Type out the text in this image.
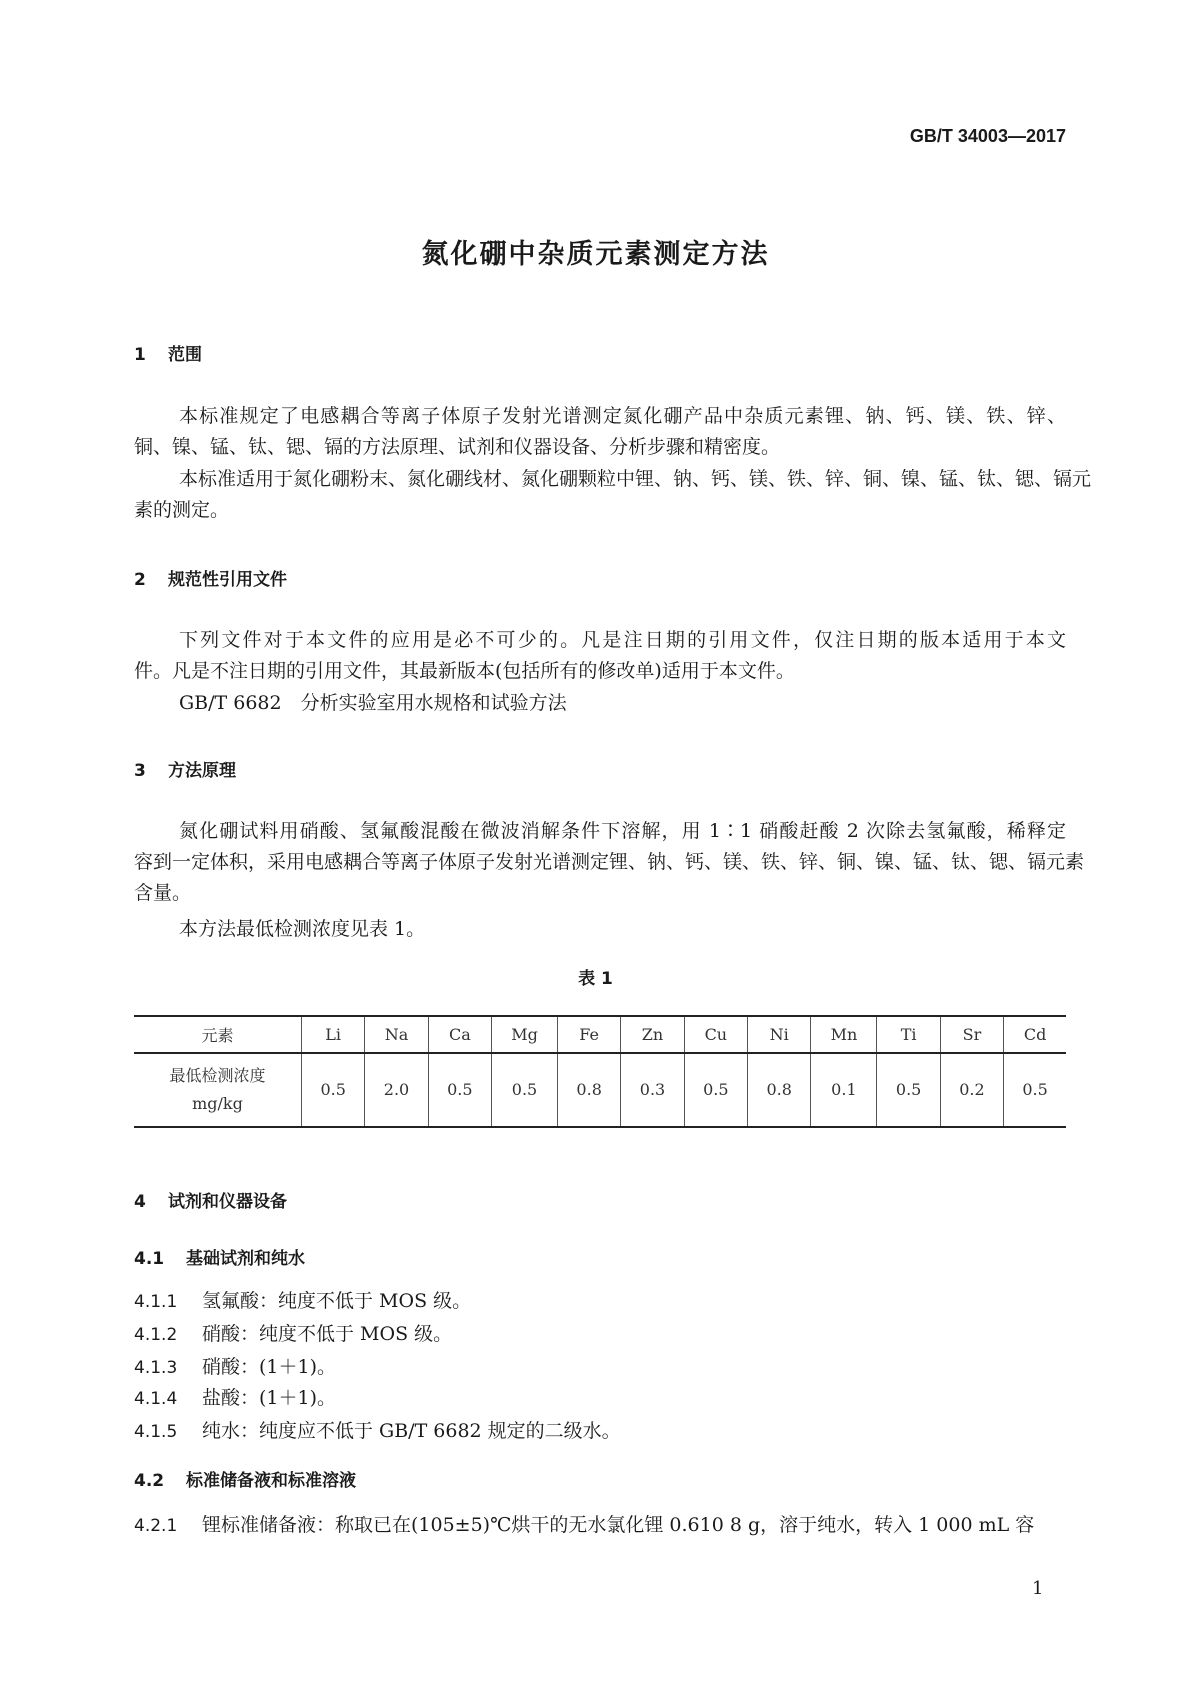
GB/T 34003—2017
氮化硼中杂质元素测定方法
1 范围
本标准规定了电感耦合等离子体原子发射光谱测定氮化硼产品中杂质元素锂、钠、钙、镁、铁、锌、
铜、镍、锰、钛、锶、镉的方法原理、试剂和仪器设备、分析步骤和精密度。
本标准适用于氮化硼粉末、氮化硼线材、氮化硼颗粒中锂、钠、钙、镁、铁、锌、铜、镍、锰、钛、锶、镉元
素的测定。
2 规范性引用文件
下列文件对于本文件的应用是必不可少的。凡是注日期的引用文件，仅注日期的版本适用于本文
件。凡是不注日期的引用文件，其最新版本(包括所有的修改单)适用于本文件。
GB/T 6682　分析实验室用水规格和试验方法
3 方法原理
氮化硼试料用硝酸、氢氟酸混酸在微波消解条件下溶解，用 1∶1 硝酸赶酸 2 次除去氢氟酸，稀释定
容到一定体积，采用电感耦合等离子体原子发射光谱测定锂、钠、钙、镁、铁、锌、铜、镍、锰、钛、锶、镉元素
含量。
本方法最低检测浓度见表 1。
表 1
元素	Li	Na	Ca	Mg	Fe	Zn	Cu	Ni	Mn	Ti	Sr	Cd

最低检测浓度
mg/kg	0.5	2.0	0.5	0.5	0.8	0.3	0.5	0.8	0.1	0.5	0.2	0.5
4 试剂和仪器设备
4.1 基础试剂和纯水
4.1.1 氢氟酸：纯度不低于 MOS 级。
4.1.2 硝酸：纯度不低于 MOS 级。
4.1.3 硝酸：(1＋1)。
4.1.4 盐酸：(1＋1)。
4.1.5 纯水：纯度应不低于 GB/T 6682 规定的二级水。
4.2 标准储备液和标准溶液
4.2.1 锂标准储备液：称取已在(105±5)℃烘干的无水氯化锂 0.610 8 g，溶于纯水，转入 1 000 mL 容
1
